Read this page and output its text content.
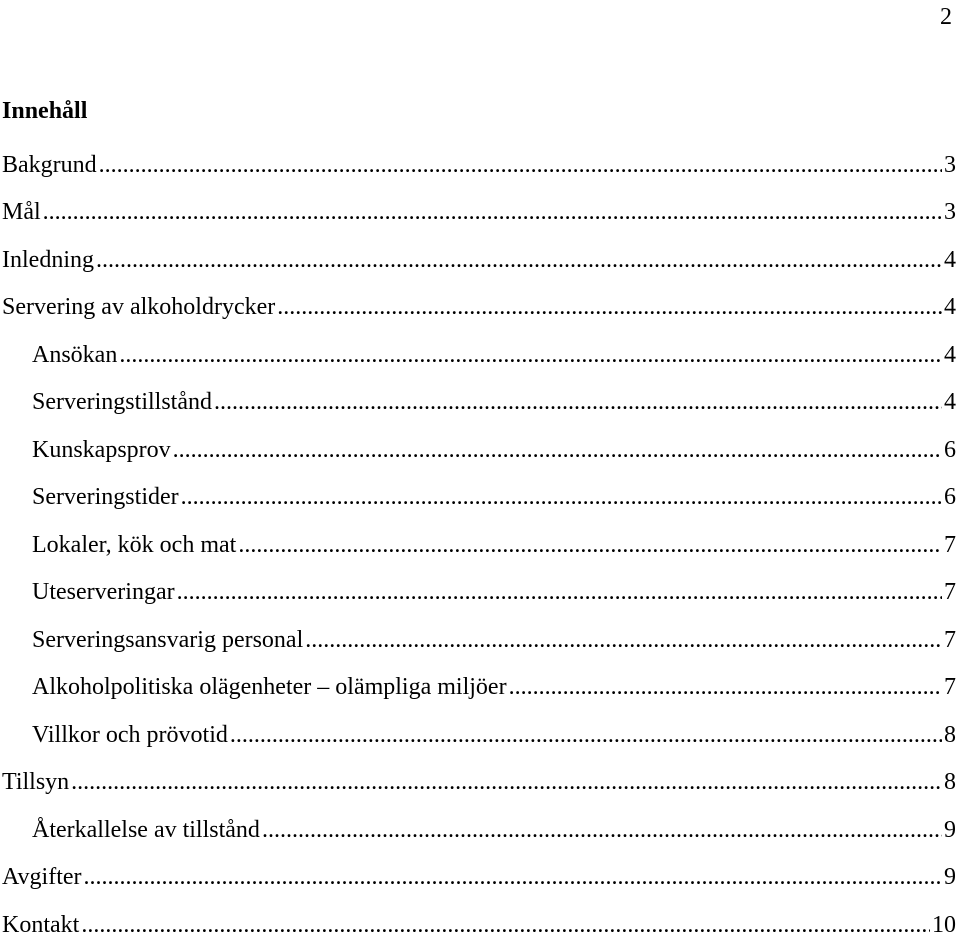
2
Innehåll
Bakgrund .....	3
Mål .....	3
Inledning .....	4
Servering av alkoholdrycker .....	4
Ansökan .....	4
Serveringstillstånd .....	4
Kunskapsprov .....	6
Serveringstider .....	6
Lokaler, kök och mat .....	7
Uteserveringar .....	7
Serveringsansvarig personal .....	7
Alkoholpolitiska olägenheter – olämpliga miljöer .....	7
Villkor och prövotid .....	8
Tillsyn .....	8
Återkallelse av tillstånd .....	9
Avgifter .....	9
Kontakt .....	10
